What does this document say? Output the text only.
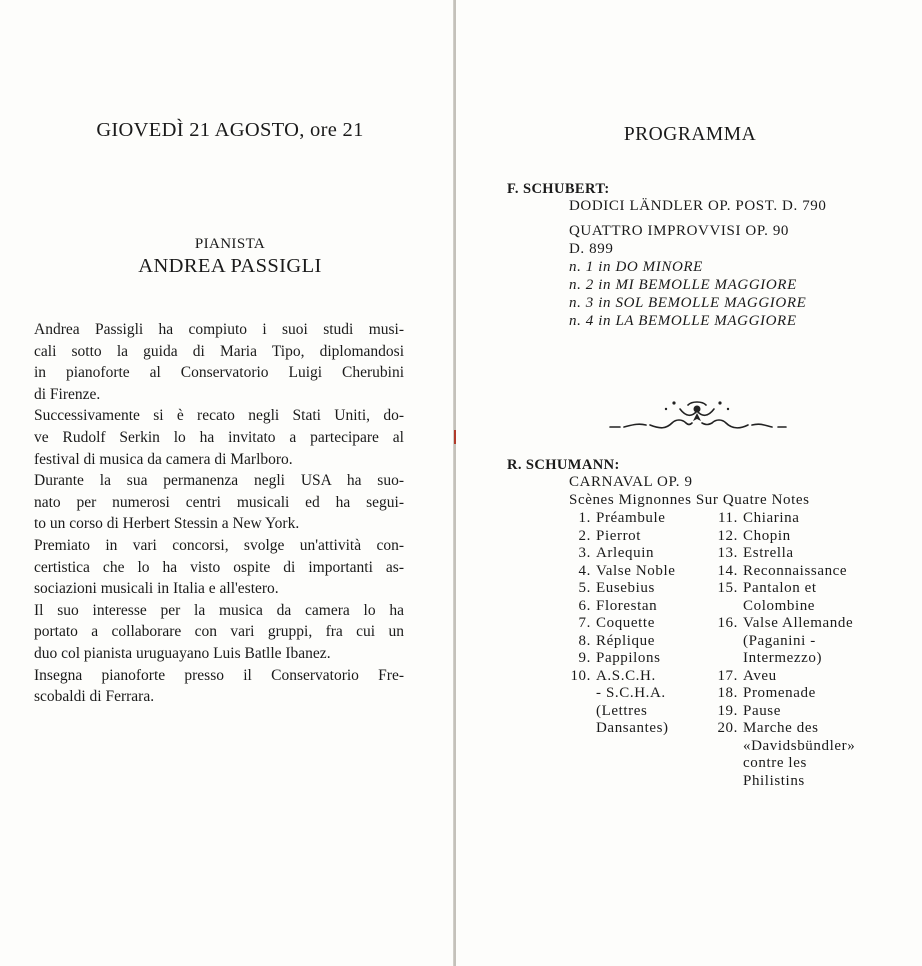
GIOVEDÌ 21 AGOSTO, ore 21
PIANISTA
ANDREA PASSIGLI
Andrea Passigli ha compiuto i suoi studi musi-
cali sotto la guida di Maria Tipo, diplomandosi
in pianoforte al Conservatorio Luigi Cherubini
di Firenze.
Successivamente si è recato negli Stati Uniti, do-
ve Rudolf Serkin lo ha invitato a partecipare al
festival di musica da camera di Marlboro.
Durante la sua permanenza negli USA ha suo-
nato per numerosi centri musicali ed ha segui-
to un corso di Herbert Stessin a New York.
Premiato in vari concorsi, svolge un'attività con-
certistica che lo ha visto ospite di importanti as-
sociazioni musicali in Italia e all'estero.
Il suo interesse per la musica da camera lo ha
portato a collaborare con vari gruppi, fra cui un
duo col pianista uruguayano Luis Batlle Ibanez.
Insegna pianoforte presso il Conservatorio Fre-
scobaldi di Ferrara.
PROGRAMMA
F. SCHUBERT:
DODICI LÄNDLER OP. POST. D. 790
QUATTRO IMPROVVISI OP. 90
D. 899
n. 1 in DO MINORE
n. 2 in MI BEMOLLE MAGGIORE
n. 3 in SOL BEMOLLE MAGGIORE
n. 4 in LA BEMOLLE MAGGIORE
R. SCHUMANN:
CARNAVAL OP. 9
Scènes Mignonnes Sur Quatre Notes
1. Préambule
2. Pierrot
3. Arlequin
4. Valse Noble
5. Eusebius
6. Florestan
7. Coquette
8. Réplique
9. Pappilons
10. A.S.C.H.
- S.C.H.A.
(Lettres
Dansantes)
11. Chiarina
12. Chopin
13. Estrella
14. Reconnaissance
15. Pantalon et
Colombine
16. Valse Allemande
(Paganini -
Intermezzo)
17. Aveu
18. Promenade
19. Pause
20. Marche des
«Davidsbündler»
contre les
Philistins
